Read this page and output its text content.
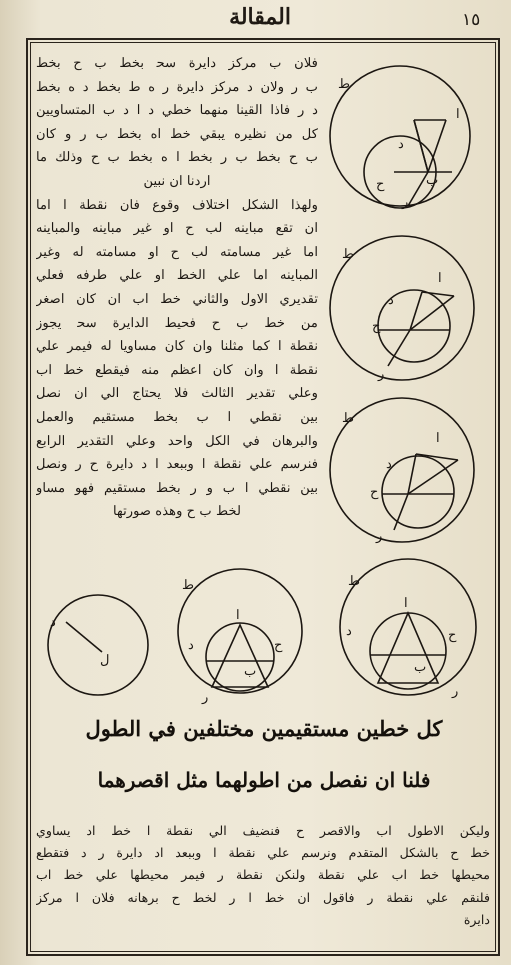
المقالة	١٥
فلان ب مركز دايرة ﺳﺤ بخط ب ح بخط
ب ر ولان د مركز دايرة ر ه ط بخط د ه بخط
د ر فاذا القينا منهما خطي د ا د ب المتساويين
كل من نظيره يبقي خط اه بخط ب ر و كان
ب ح بخط ب ر بخط ا ه بخط ب ح وذلك ما
اردنا ان نبين
ولهذا الشكل اختلاف وقوع فان نقطة ا اما
ان تقع مباينه لب ح او غير مباينه والمباينه
اما غير مسامته لب ح او مسامته له وغير
المباينه اما علي الخط او علي طرفه فعلي
تقديري الاول والثاني خط اب ان كان اصغر
من خط ب ح فحيط الدايرة ﺳﺤ يجوز
نقطة ا كما مثلنا وان كان مساويا له فيمر علي
نقطة ا وان كان اعظم منه فيقطع خط اب
وعلي تقدير الثالث فلا يحتاج الي ان نصل
بين نقطي ا ب بخط مستقيم والعمل
والبرهان في الكل واحد وعلي التقدير الرابع
فنرسم علي نقطة ا وببعد ا د دايرة ح ر ونصل
بين نقطي ا ب و ر بخط مستقيم فهو مساو
لخط ب ح وهذه صورتها
ط
د
ا
ح	ب
ر
ط
د
ا
ح
ر
ط
د
ا
ح
ر
ط
ا
د	ح
ب
ر
ط
ا
د	ح
ب
ر
د
ل
كل خطين مستقيمين مختلفين في الطول
فلنا ان نفصل من اطولهما مثل اقصرهما
وليكن الاطول اب والاقصر ح فنضيف الي نقطة ا خط اد يساوي
خط ح بالشكل المتقدم ونرسم علي نقطة ا وببعد اد دايرة ر د فتقطع
محيطها خط اب علي نقطة ولنكن نقطة ر فيمر محيطها علي خط اب
فلنقم علي نقطة ر فاقول ان خط ا ر لخط ح برهانه فلان ا مركز
دايرة
